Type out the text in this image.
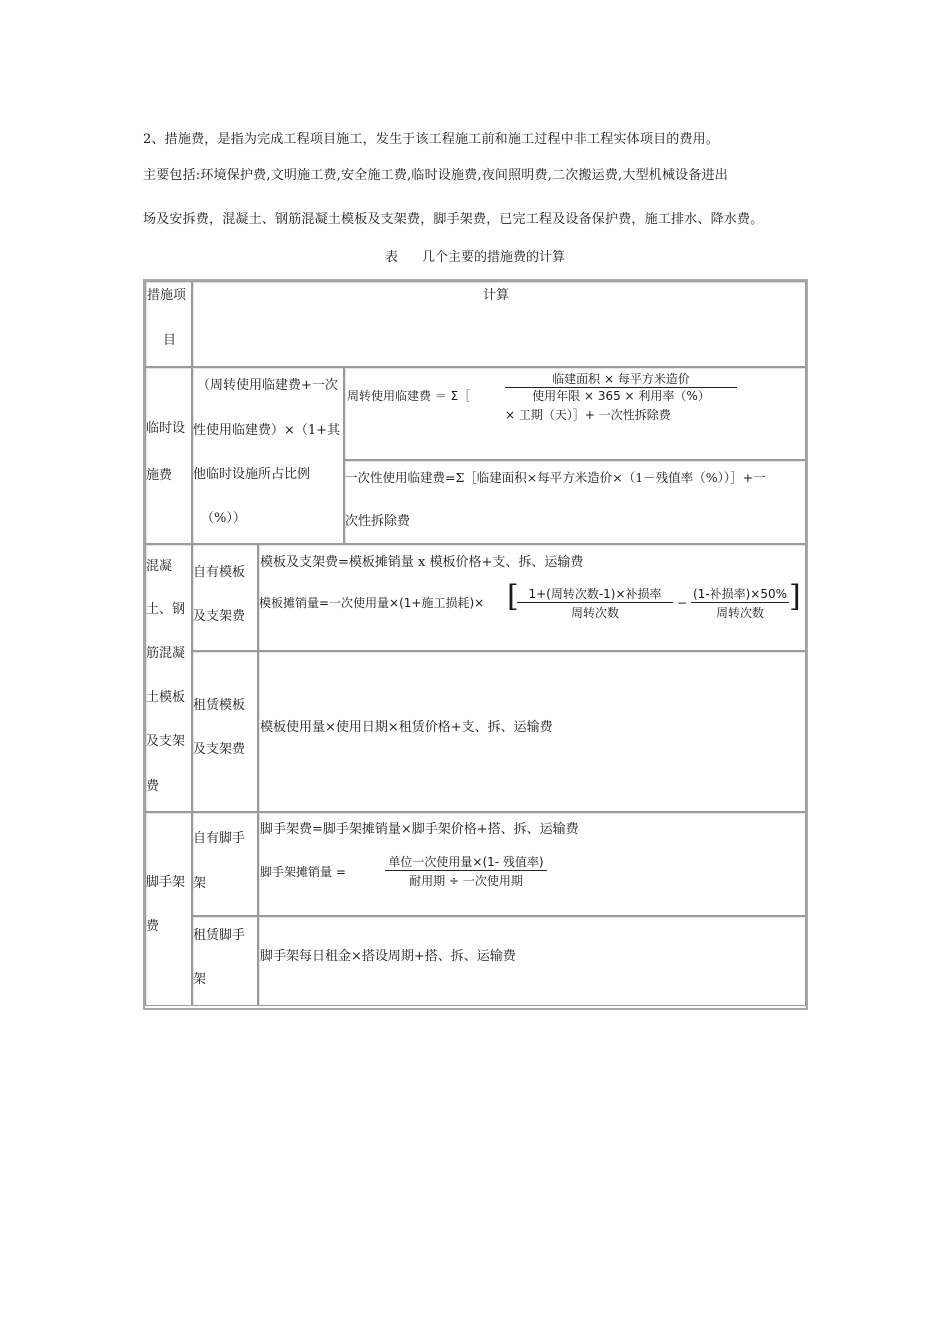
2、措施费，是指为完成工程项目施工，发生于该工程施工前和施工过程中非工程实体项目的费用。
主要包括:环境保护费,文明施工费,安全施工费,临时设施费,夜间照明费,二次搬运费,大型机械设备进出
场及安拆费，混凝土、钢筋混凝土模板及支架费，脚手架费，已完工程及设备保护费，施工排水、降水费。
表 几个主要的措施费的计算
措施项
目
计算
临时设
施费
（周转使用临建费+一次
性使用临建费）×（1+其
他临时设施所占比例
（%））
周转使用临建费 ＝ Σ［
临建面积 × 每平方米造价
使用年限 × 365 × 利用率（%）
× 工期（天）］+ 一次性拆除费
一次性使用临建费=Σ［临建面积×每平方米造价×（1－残值率（%））］+一
次性拆除费
混凝
土、钢
筋混凝
土模板
及支架
费
自有模板
及支架费
模板及支架费=模板摊销量 x 模板价格+支、拆、运输费
模板摊销量=一次使用量×(1+施工损耗)× [ 1+(周转次数-1)×补损率
周转次数
−
(1-补损率)×50%
周转次数 ]
租赁模板
及支架费
模板使用量×使用日期×租赁价格+支、拆、运输费
脚手架
费
自有脚手
架
脚手架费=脚手架摊销量×脚手架价格+搭、拆、运输费
脚手架摊销量 =
单位一次使用量×(1- 残值率)
耐用期 ÷ 一次使用期
租赁脚手
架
脚手架每日租金×搭设周期+搭、拆、运输费
